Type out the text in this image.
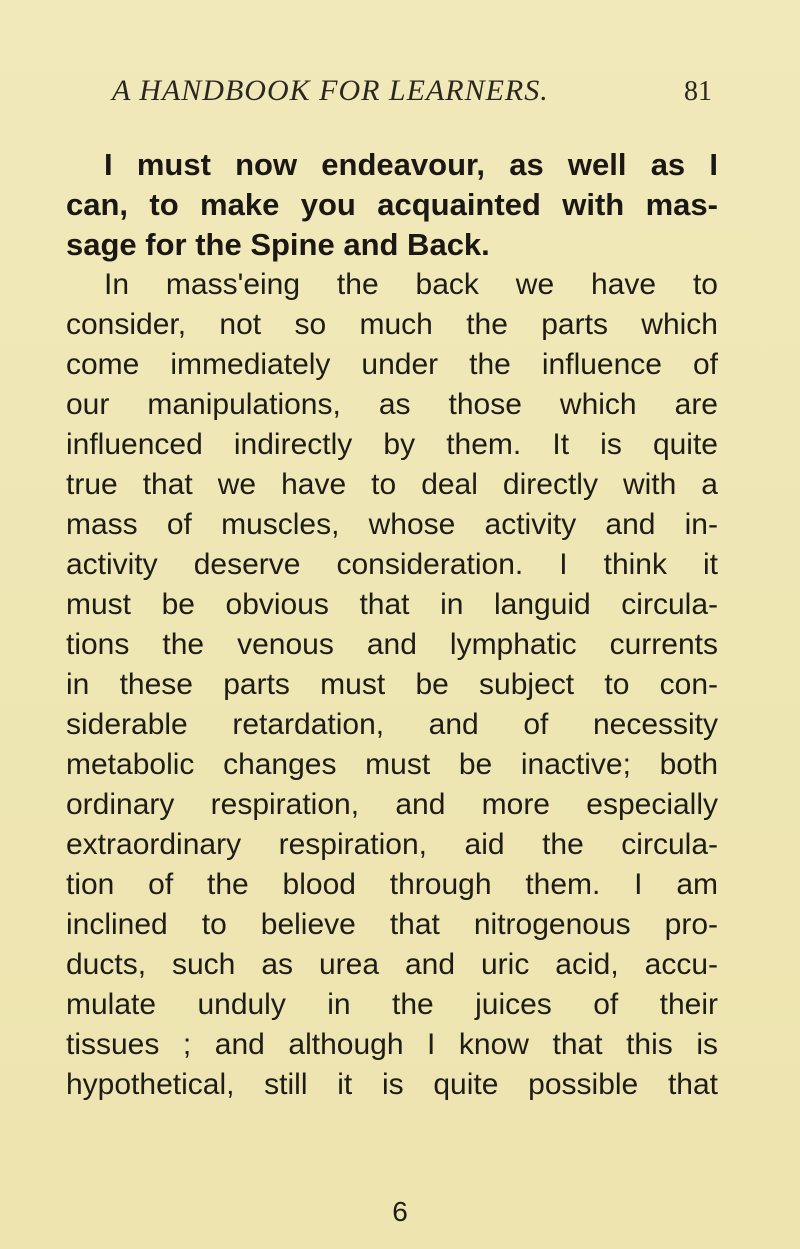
A HANDBOOK FOR LEARNERS.	81
I must now endeavour, as well as I
can, to make you acquainted with mas-
sage for the Spine and Back.
In mass'eing the back we have to
consider, not so much the parts which
come immediately under the influence of
our manipulations, as those which are
influenced indirectly by them. It is quite
true that we have to deal directly with a
mass of muscles, whose activity and in-
activity deserve consideration. I think it
must be obvious that in languid circula-
tions the venous and lymphatic currents
in these parts must be subject to con-
siderable retardation, and of necessity
metabolic changes must be inactive; both
ordinary respiration, and more especially
extraordinary respiration, aid the circula-
tion of the blood through them. I am
inclined to believe that nitrogenous pro-
ducts, such as urea and uric acid, accu-
mulate unduly in the juices of their
tissues ; and although I know that this is
hypothetical, still it is quite possible that
6
